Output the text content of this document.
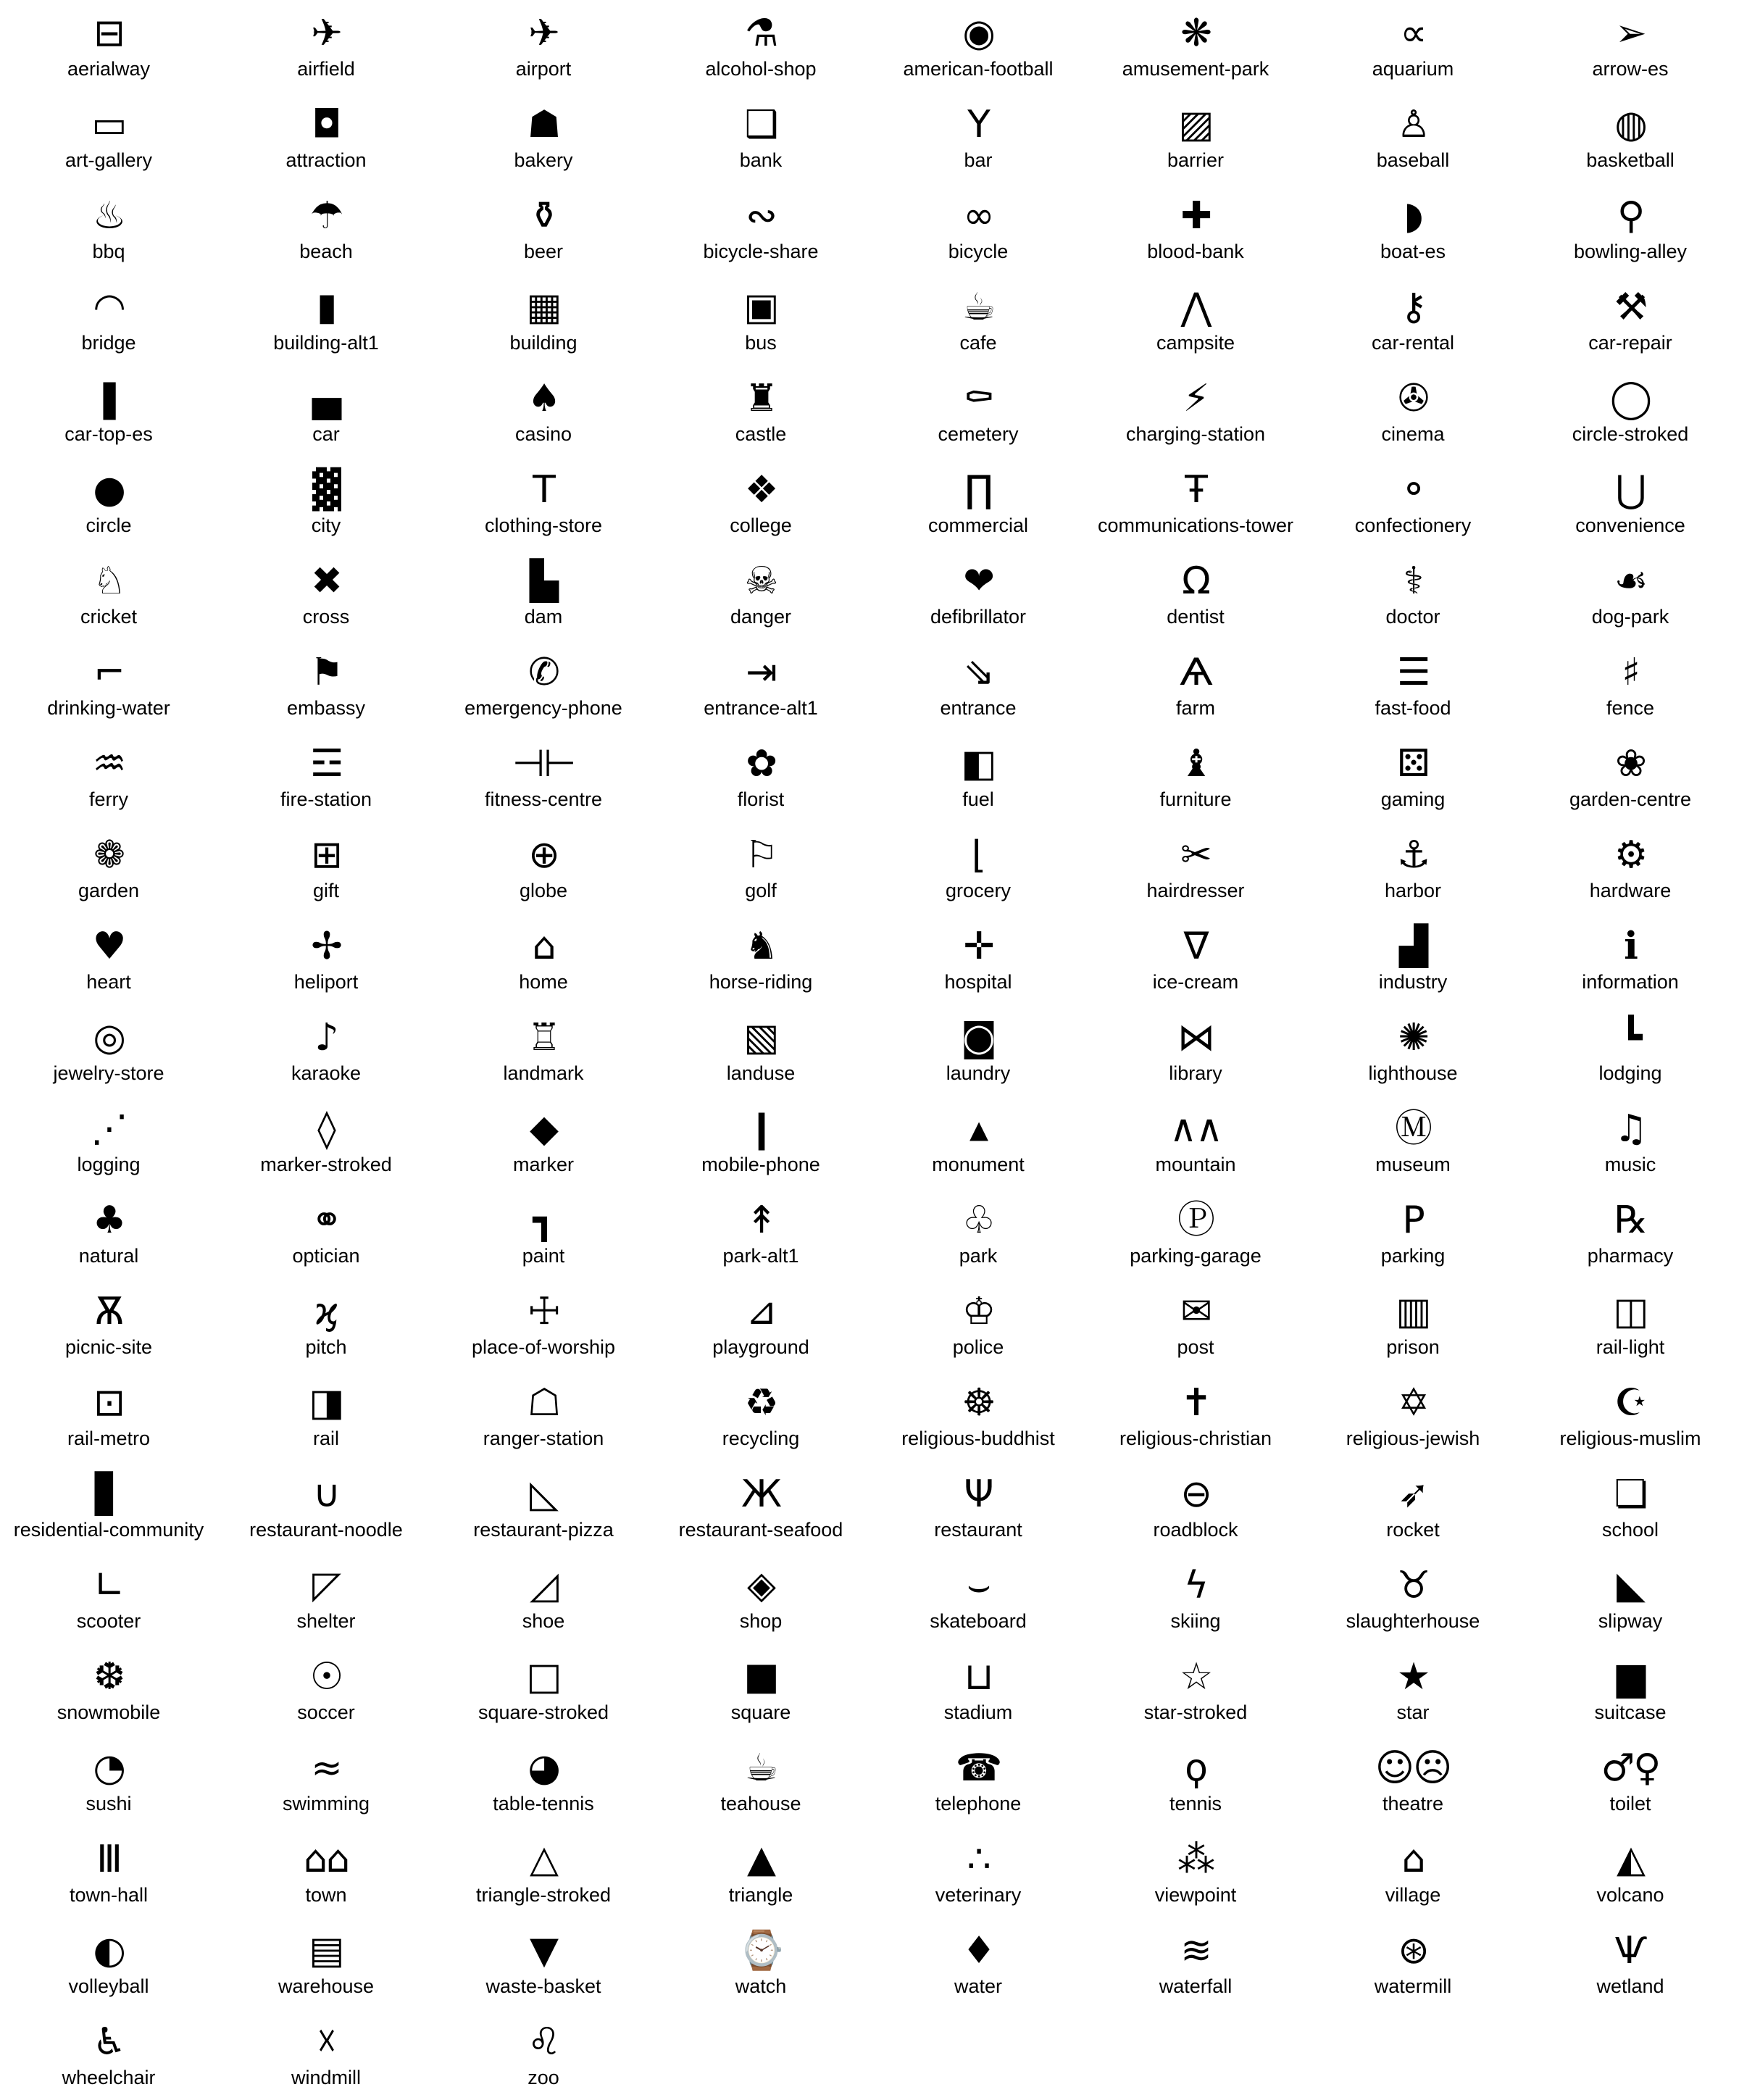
⊟
aerialway
✈
airfield
✈
airport
⚗
alcohol-shop
◉
american-football
❋
amusement-park
∝
aquarium
➢
arrow-es
▭
art-gallery
◘
attraction
☗
bakery
❑
bank
Y
bar
▨
barrier
♙
baseball
◍
basketball
♨
bbq
☂
beach
⚱
beer
∾
bicycle-share
∞
bicycle
✚
blood-bank
◗
boat-es
⚲
bowling-alley
◠
bridge
▮
building-alt1
▦
building
▣
bus
☕
cafe
⋀
campsite
⚷
car-rental
⚒
car-repair
❚
car-top-es
▄
car
♠
casino
♜
castle
⚰
cemetery
⚡
charging-station
✇
cinema
◯
circle-stroked
●
circle
▓
city
T
clothing-store
❖
college
∏
commercial
Ŧ
communications-tower
⚬
confectionery
⋃
convenience
♘
cricket
✖
cross
▙
dam
☠
danger
❤
defibrillator
Ω
dentist
⚕
doctor
☙
dog-park
⌐
drinking-water
⚑
embassy
✆
emergency-phone
⇥
entrance-alt1
⇘
entrance
Ѧ
farm
☰
fast-food
♯
fence
♒
ferry
☲
fire-station
⊣⊢
fitness-centre
✿
florist
◧
fuel
♝
furniture
⚄
gaming
❀
garden-centre
❁
garden
⊞
gift
⊕
globe
⚐
golf
⌊
grocery
✂
hairdresser
⚓
harbor
⚙
hardware
♥
heart
✢
heliport
⌂
home
♞
horse-riding
✛
hospital
∇
ice-cream
▟
industry
ℹ
information
◎
jewelry-store
♪
karaoke
♖
landmark
▧
landuse
◙
laundry
⋈
library
✺
lighthouse
┗
lodging
⋰
logging
◊
marker-stroked
◆
marker
❙
mobile-phone
▴
monument
∧∧
mountain
Ⓜ
museum
♫
music
♣
natural
⚭
optician
┓
paint
↟
park-alt1
♧
park
Ⓟ
parking-garage
P
parking
℞
pharmacy
Ѫ
picnic-site
ϗ
pitch
☩
place-of-worship
⊿
playground
♔
police
✉
post
▥
prison
◫
rail-light
⊡
rail-metro
◨
rail
☖
ranger-station
♻
recycling
☸
religious-buddhist
✝
religious-christian
✡
religious-jewish
☪
religious-muslim
▋
residential-community
∪
restaurant-noodle
◺
restaurant-pizza
Ж
restaurant-seafood
Ψ
restaurant
⊖
roadblock
➶
rocket
❏
school
∟
scooter
◸
shelter
◿
shoe
◈
shop
⌣
skateboard
ϟ
skiing
♉
slaughterhouse
◣
slipway
❆
snowmobile
☉
soccer
□
square-stroked
■
square
⊔
stadium
☆
star-stroked
★
star
▆
suitcase
◔
sushi
≈
swimming
◕
table-tennis
☕
teahouse
☎
telephone
ϙ
tennis
☺☹
theatre
♂♀
toilet
Ⅲ
town-hall
⌂⌂
town
△
triangle-stroked
▲
triangle
∴
veterinary
⁂
viewpoint
⌂
village
◭
volcano
◐
volleyball
▤
warehouse
▼
waste-basket
⌚
watch
♦
water
≋
waterfall
⊛
watermill
Ѱ
wetland
♿
wheelchair
☓
windmill
♌
zoo
